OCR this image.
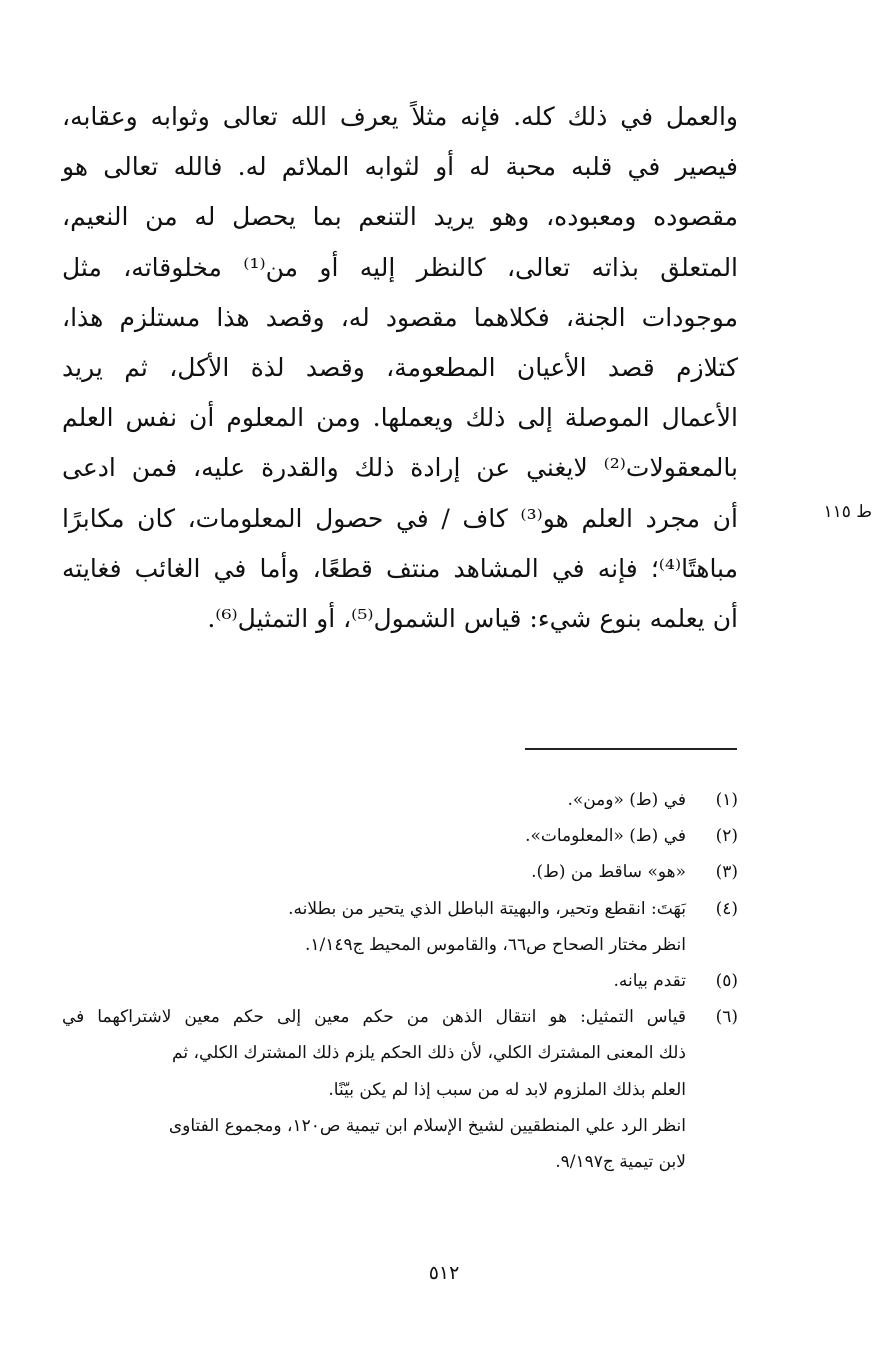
والعمل في ذلك كله. فإنه مثلاً يعرف الله تعالى وثوابه وعقابه،
فيصير في قلبه محبة له أو لثوابه الملائم له. فالله تعالى هو
مقصوده ومعبوده، وهو يريد التنعم بما يحصل له من النعيم،
المتعلق بذاته تعالى، كالنظر إليه أو من⁽¹⁾ مخلوقاته، مثل
موجودات الجنة، فكلاهما مقصود له، وقصد هذا مستلزم هذا،
كتلازم قصد الأعيان المطعومة، وقصد لذة الأكل، ثم يريد
الأعمال الموصلة إلى ذلك ويعملها. ومن المعلوم أن نفس العلم
بالمعقولات⁽²⁾ لايغني عن إرادة ذلك والقدرة عليه، فمن ادعى
أن مجرد العلم هو⁽³⁾ كاف / في حصول المعلومات، كان مكابرًا
مباهتًا⁽⁴⁾؛ فإنه في المشاهد منتف قطعًا، وأما في الغائب فغايته
أن يعلمه بنوع شيء: قياس الشمول⁽⁵⁾، أو التمثيل⁽⁶⁾.
ط ١١٥
(١)
في (ط) «ومن».
(٢)
في (ط) «المعلومات».
(٣)
«هو» ساقط من (ط).
(٤)
بَهَتَ: انقطع وتحير، والبهيتة الباطل الذي يتحير من بطلانه.
انظر مختار الصحاح ص٦٦، والقاموس المحيط ج١/١٤٩.
(٥)
تقدم بيانه.
(٦)
قياس التمثيل: هو انتقال الذهن من حكم معين إلى حكم معين لاشتراكهما في
ذلك المعنى المشترك الكلي، لأن ذلك الحكم يلزم ذلك المشترك الكلي، ثم
العلم بذلك الملزوم لابد له من سبب إذا لم يكن بيّنًا.
انظر الرد علي المنطقيين لشيخ الإسلام ابن تيمية ص١٢٠، ومجموع الفتاوى
لابن تيمية ج٩/١٩٧.
٥١٢
